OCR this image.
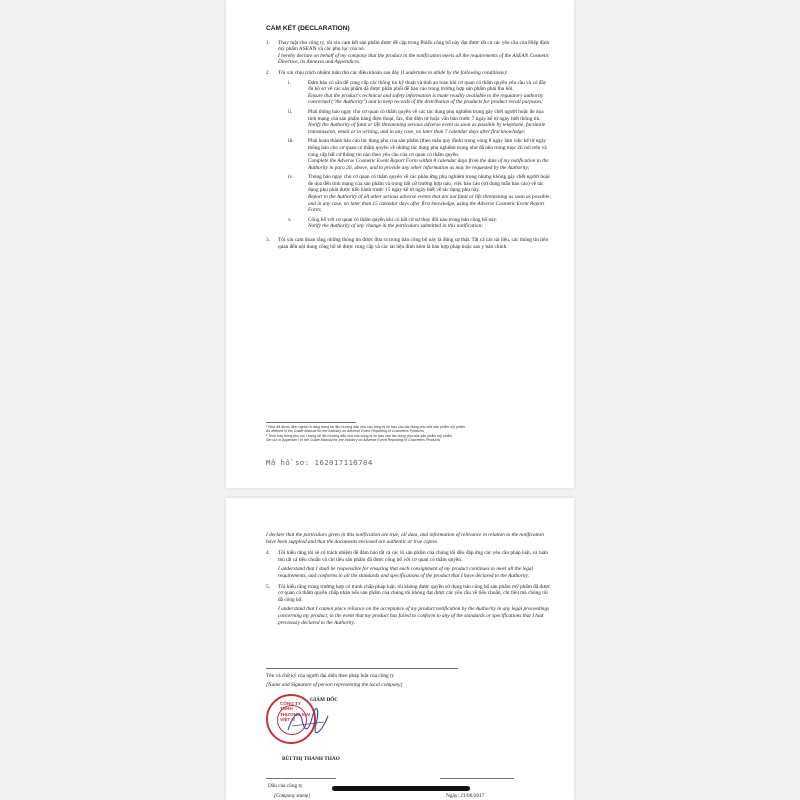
CAM KẾT (DECLARATION)
1.	Thay mặt cho công ty, tôi xin cam kết sản phẩm được đề cập trong Phiếu công bố này đạt được tất cả các yêu cầu của Hiệp định mỹ phẩm ASEAN và các phụ lục của nó.

I hereby declare on behalf of my company that the product in the notification meets all the requirements of the ASEAN Cosmetic Directive, its Annexes and Appendices.

2.	Tôi xin chịu trách nhiệm tuân thủ các điều khoản sau đây (I undertake to abide by the following conditions):

i.	Đảm bảo có sẵn để cung cấp các thông tin kỹ thuật và tính an toàn khi cơ quan có thẩm quyền yêu cầu và có đầy đủ hồ sơ về các sản phẩm đã được phân phối để báo cáo trong trường hợp sản phẩm phải thu hồi.

Ensure that the product's technical and safety information is made readily available to the regulatory authority concerned ("the Authority") and to keep records of the distribution of the products for product recall purposes;

ii.	Phải thông báo ngay cho cơ quan có thẩm quyền về các tác dụng phụ nghiêm trọng gây chết người hoặc đe dọa tính mạng của sản phẩm bằng điện thoại, fax, thư điện tử hoặc văn bản trước 7 ngày kể từ ngày biết thông tin.

Notify the Authority of fatal or life threatening serious adverse event as soon as possible by telephone, facsimile transmission, email or in writing, and in any case, no later than 7 calendar days after first knowledge;

iii.	Phải hoàn thành báo cáo tác dụng phụ của sản phẩm (theo mẫu quy định) trong vòng 8 ngày làm việc kể từ ngày thông báo cho cơ quan có thẩm quyền về những tác dụng phụ nghiêm trọng như đã nêu trong mục 2ii nói trên và cung cấp bất cứ thông tin nào theo yêu cầu của cơ quan có thẩm quyền.

Complete the Adverse Cosmetic Event Report Form within 8 calendar days from the date of my notification to the Authority in para 2ii. above, and to provide any other information as may be requested by the Authority;

iv.	Thông báo ngay cho cơ quan có thẩm quyền về các phản ứng phụ nghiêm trọng nhưng không gây chết người hoặc đe dọa đến tính mạng của sản phẩm và trong bất cứ trường hợp nào, việc báo cáo (sử dụng mẫu báo cáo) về tác dụng phụ phải được tiến hành trước 15 ngày kể từ ngày biết về tác dụng phụ này.

Report to the Authority of all other serious adverse events that are not fatal or life threatening as soon as possible, and in any case, no later than 15 calendar days after first knowledge, using the Adverse Cosmetic Event Report Form;

v.	Công bố với cơ quan có thẩm quyền khi có bất cứ sự thay đổi nào trong bản công bố này.

Notify the Authority of any change in the particulars submitted in this notification;

3.	Tôi xin cam đoan rằng những thông tin được đưa ra trong bản công bố này là đúng sự thật. Tất cả các tài liệu, các thông tin liên quan đến nội dung công bố sẽ được cung cấp và các tài liệu đính kèm là bản hợp pháp hoặc sao y bản chính.

¹ Như đã được định nghĩa rõ ràng trong tài liệu hướng dẫn cho các công ty về báo cáo tác dụng phụ của sản phẩm mỹ phẩm.
As defined in the Guide Manual for the Industry on Adverse Event Reporting of Cosmetics Products
² Trình bày trong phụ lục I trong tài liệu hướng dẫn cho các công ty về báo cáo tác dụng phụ của sản phẩm mỹ phẩm.
Set out in Appendix I to the Guide Manual for the Industry on Adverse Event Reporting of Cosmetics Products
Mã hồ sơ: 162017116784

I declare that the particulars given in this notification are true; all data, and information of relevance in relation to the notification have been supplied and that the documents enclosed are authentic or true copies.

4.	Tôi hiểu rằng tôi sẽ có trách nhiệm để đảm bảo tất cả các lô sản phẩm của chúng tôi đều đáp ứng các yêu cầu pháp luật, và tuân thủ tất cả tiêu chuẩn và chỉ tiêu sản phẩm đã được công bố với cơ quan có thẩm quyền.

I understand that I shall be responsible for ensuring that each consignment of my product continues to meet all the legal requirements, and conforms to all the standards and specifications of the product that I have declared to the Authority.

5.	Tôi hiểu rằng trong trường hợp có tranh chấp pháp luật, tôi không được quyền sử dụng bản công bố sản phẩm mỹ phẩm đã được cơ quan có thẩm quyền chấp nhận nếu sản phẩm của chúng tôi không đạt được các yêu cầu về tiêu chuẩn, chỉ tiêu mà chúng tôi đã công bố.

I understand that I cannot place reliance on the acceptance of my product notification by the Authority in any legal proceedings concerning my product, in the event that my product has failed to conform to any of the standards or specifications that I had previously declared to the Authority.

Tên và chữ ký của người đại diện theo pháp luật của công ty
[Name and Signature of person representing the local company]
GIÁM ĐỐC
CÔNG TY
TNHH
THƯƠNG MẠI
VIỆT N
BÙI THỊ THANH THẢO
Dấu của công ty
[Company stamp]	Ngày: 21/06/2017
